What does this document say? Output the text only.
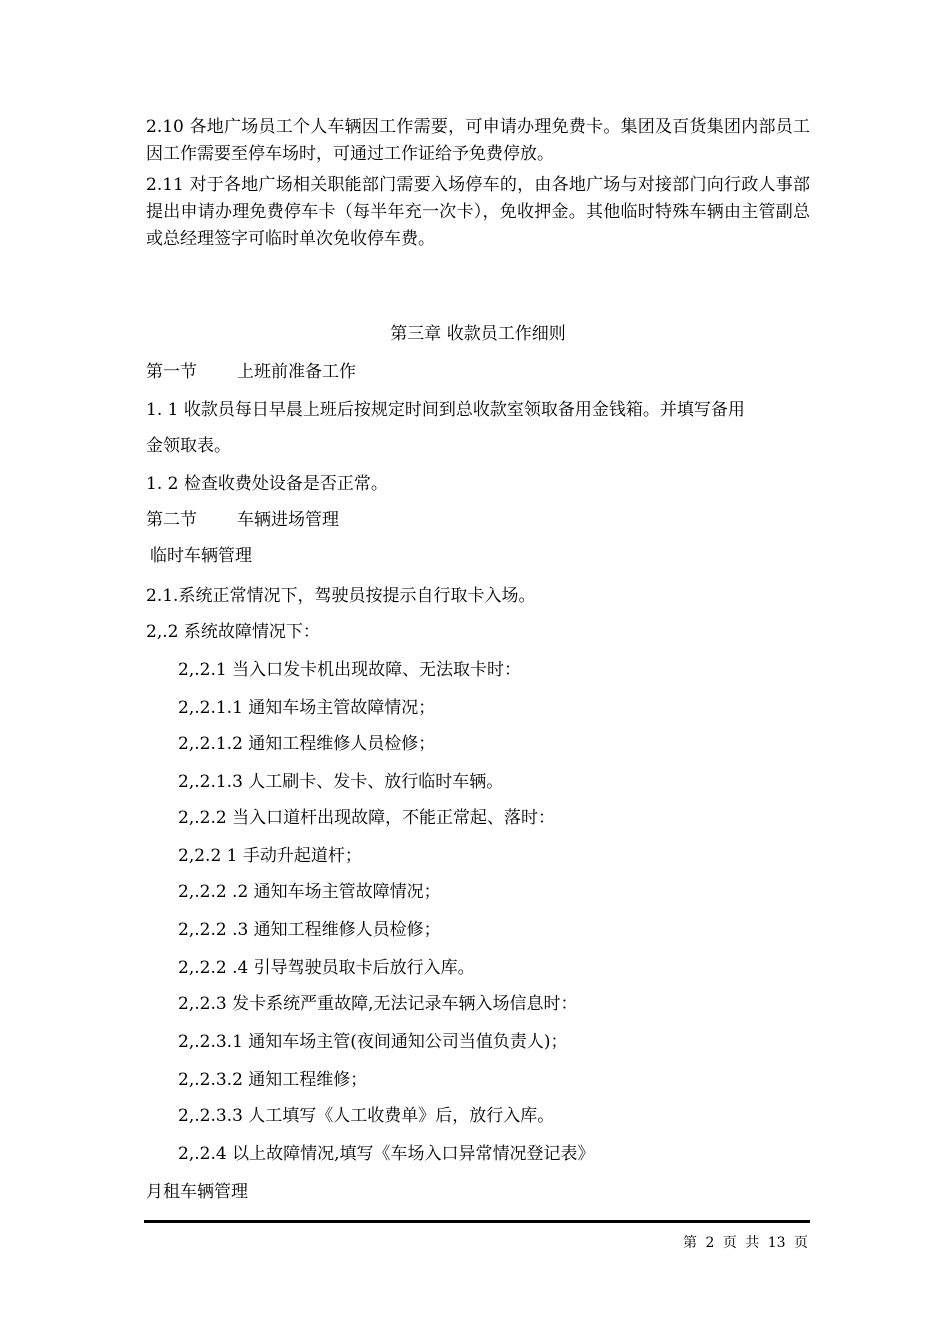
2.10 各地广场员工个人车辆因工作需要，可申请办理免费卡。集团及百货集团内部员工因工作需要至停车场时，可通过工作证给予免费停放。

2.11 对于各地广场相关职能部门需要入场停车的，由各地广场与对接部门向行政人事部提出申请办理免费停车卡（每半年充一次卡），免收押金。其他临时特殊车辆由主管副总或总经理签字可临时单次免收停车费。

第三章 收款员工作细则
第一节 上班前准备工作
1. 1 收款员每日早晨上班后按规定时间到总收款室领取备用金钱箱。并填写备用
金领取表。
1. 2 检查收费处设备是否正常。
第二节 车辆进场管理
临时车辆管理
2.1.系统正常情况下，驾驶员按提示自行取卡入场。
2,.2 系统故障情况下：
2,.2.1 当入口发卡机出现故障、无法取卡时：
2,.2.1.1 通知车场主管故障情况；
2,.2.1.2 通知工程维修人员检修；
2,.2.1.3 人工刷卡、发卡、放行临时车辆。
2,.2.2 当入口道杆出现故障，不能正常起、落时：
2,2.2 1 手动升起道杆；
2,.2.2 .2 通知车场主管故障情况；
2,.2.2 .3 通知工程维修人员检修；
2,.2.2 .4 引导驾驶员取卡后放行入库。
2,.2.3 发卡系统严重故障,无法记录车辆入场信息时：
2,.2.3.1 通知车场主管(夜间通知公司当值负责人)；
2,.2.3.2 通知工程维修；
2,.2.3.3 人工填写《人工收费单》后，放行入库。
2,.2.4 以上故障情况,填写《车场入口异常情况登记表》
月租车辆管理
第 2 页 共 13 页
